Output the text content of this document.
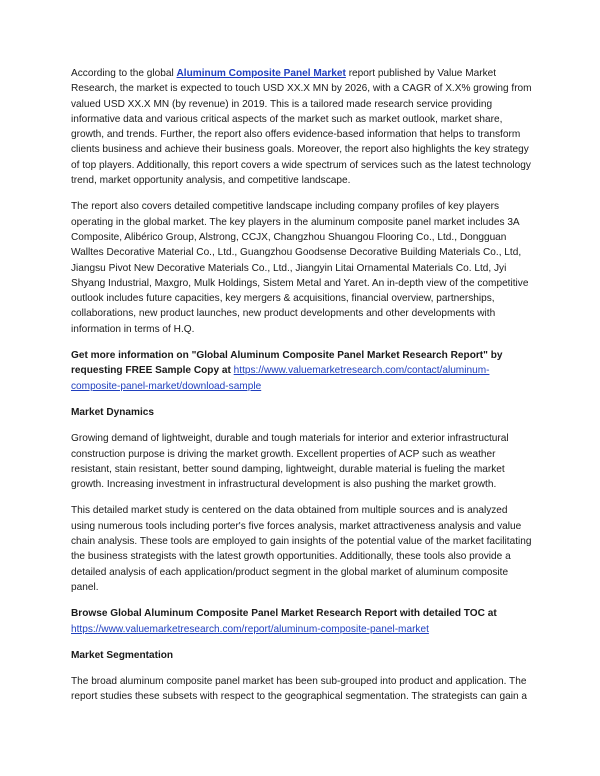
According to the global Aluminum Composite Panel Market report published by Value Market Research, the market is expected to touch USD XX.X MN by 2026, with a CAGR of X.X% growing from valued USD XX.X MN (by revenue) in 2019. This is a tailored made research service providing informative data and various critical aspects of the market such as market outlook, market share, growth, and trends. Further, the report also offers evidence-based information that helps to transform clients business and achieve their business goals. Moreover, the report also highlights the key strategy of top players. Additionally, this report covers a wide spectrum of services such as the latest technology trend, market opportunity analysis, and competitive landscape.

The report also covers detailed competitive landscape including company profiles of key players operating in the global market. The key players in the aluminum composite panel market includes 3A Composite, Alibérico Group, Alstrong, CCJX, Changzhou Shuangou Flooring Co., Ltd., Dongguan Walltes Decorative Material Co., Ltd., Guangzhou Goodsense Decorative Building Materials Co., Ltd, Jiangsu Pivot New Decorative Materials Co., Ltd., Jiangyin Litai Ornamental Materials Co. Ltd, Jyi Shyang Industrial, Maxgro, Mulk Holdings, Sistem Metal and Yaret. An in-depth view of the competitive outlook includes future capacities, key mergers & acquisitions, financial overview, partnerships, collaborations, new product launches, new product developments and other developments with information in terms of H.Q.

Get more information on "Global Aluminum Composite Panel Market Research Report" by requesting FREE Sample Copy at https://www.valuemarketresearch.com/contact/aluminum-composite-panel-market/download-sample

Market Dynamics

Growing demand of lightweight, durable and tough materials for interior and exterior infrastructural construction purpose is driving the market growth. Excellent properties of ACP such as weather resistant, stain resistant, better sound damping, lightweight, durable material is fueling the market growth. Increasing investment in infrastructural development is also pushing the market growth.

This detailed market study is centered on the data obtained from multiple sources and is analyzed using numerous tools including porter's five forces analysis, market attractiveness analysis and value chain analysis. These tools are employed to gain insights of the potential value of the market facilitating the business strategists with the latest growth opportunities. Additionally, these tools also provide a detailed analysis of each application/product segment in the global market of aluminum composite panel.

Browse Global Aluminum Composite Panel Market Research Report with detailed TOC at
https://www.valuemarketresearch.com/report/aluminum-composite-panel-market

Market Segmentation

The broad aluminum composite panel market has been sub-grouped into product and application. The report studies these subsets with respect to the geographical segmentation. The strategists can gain a
